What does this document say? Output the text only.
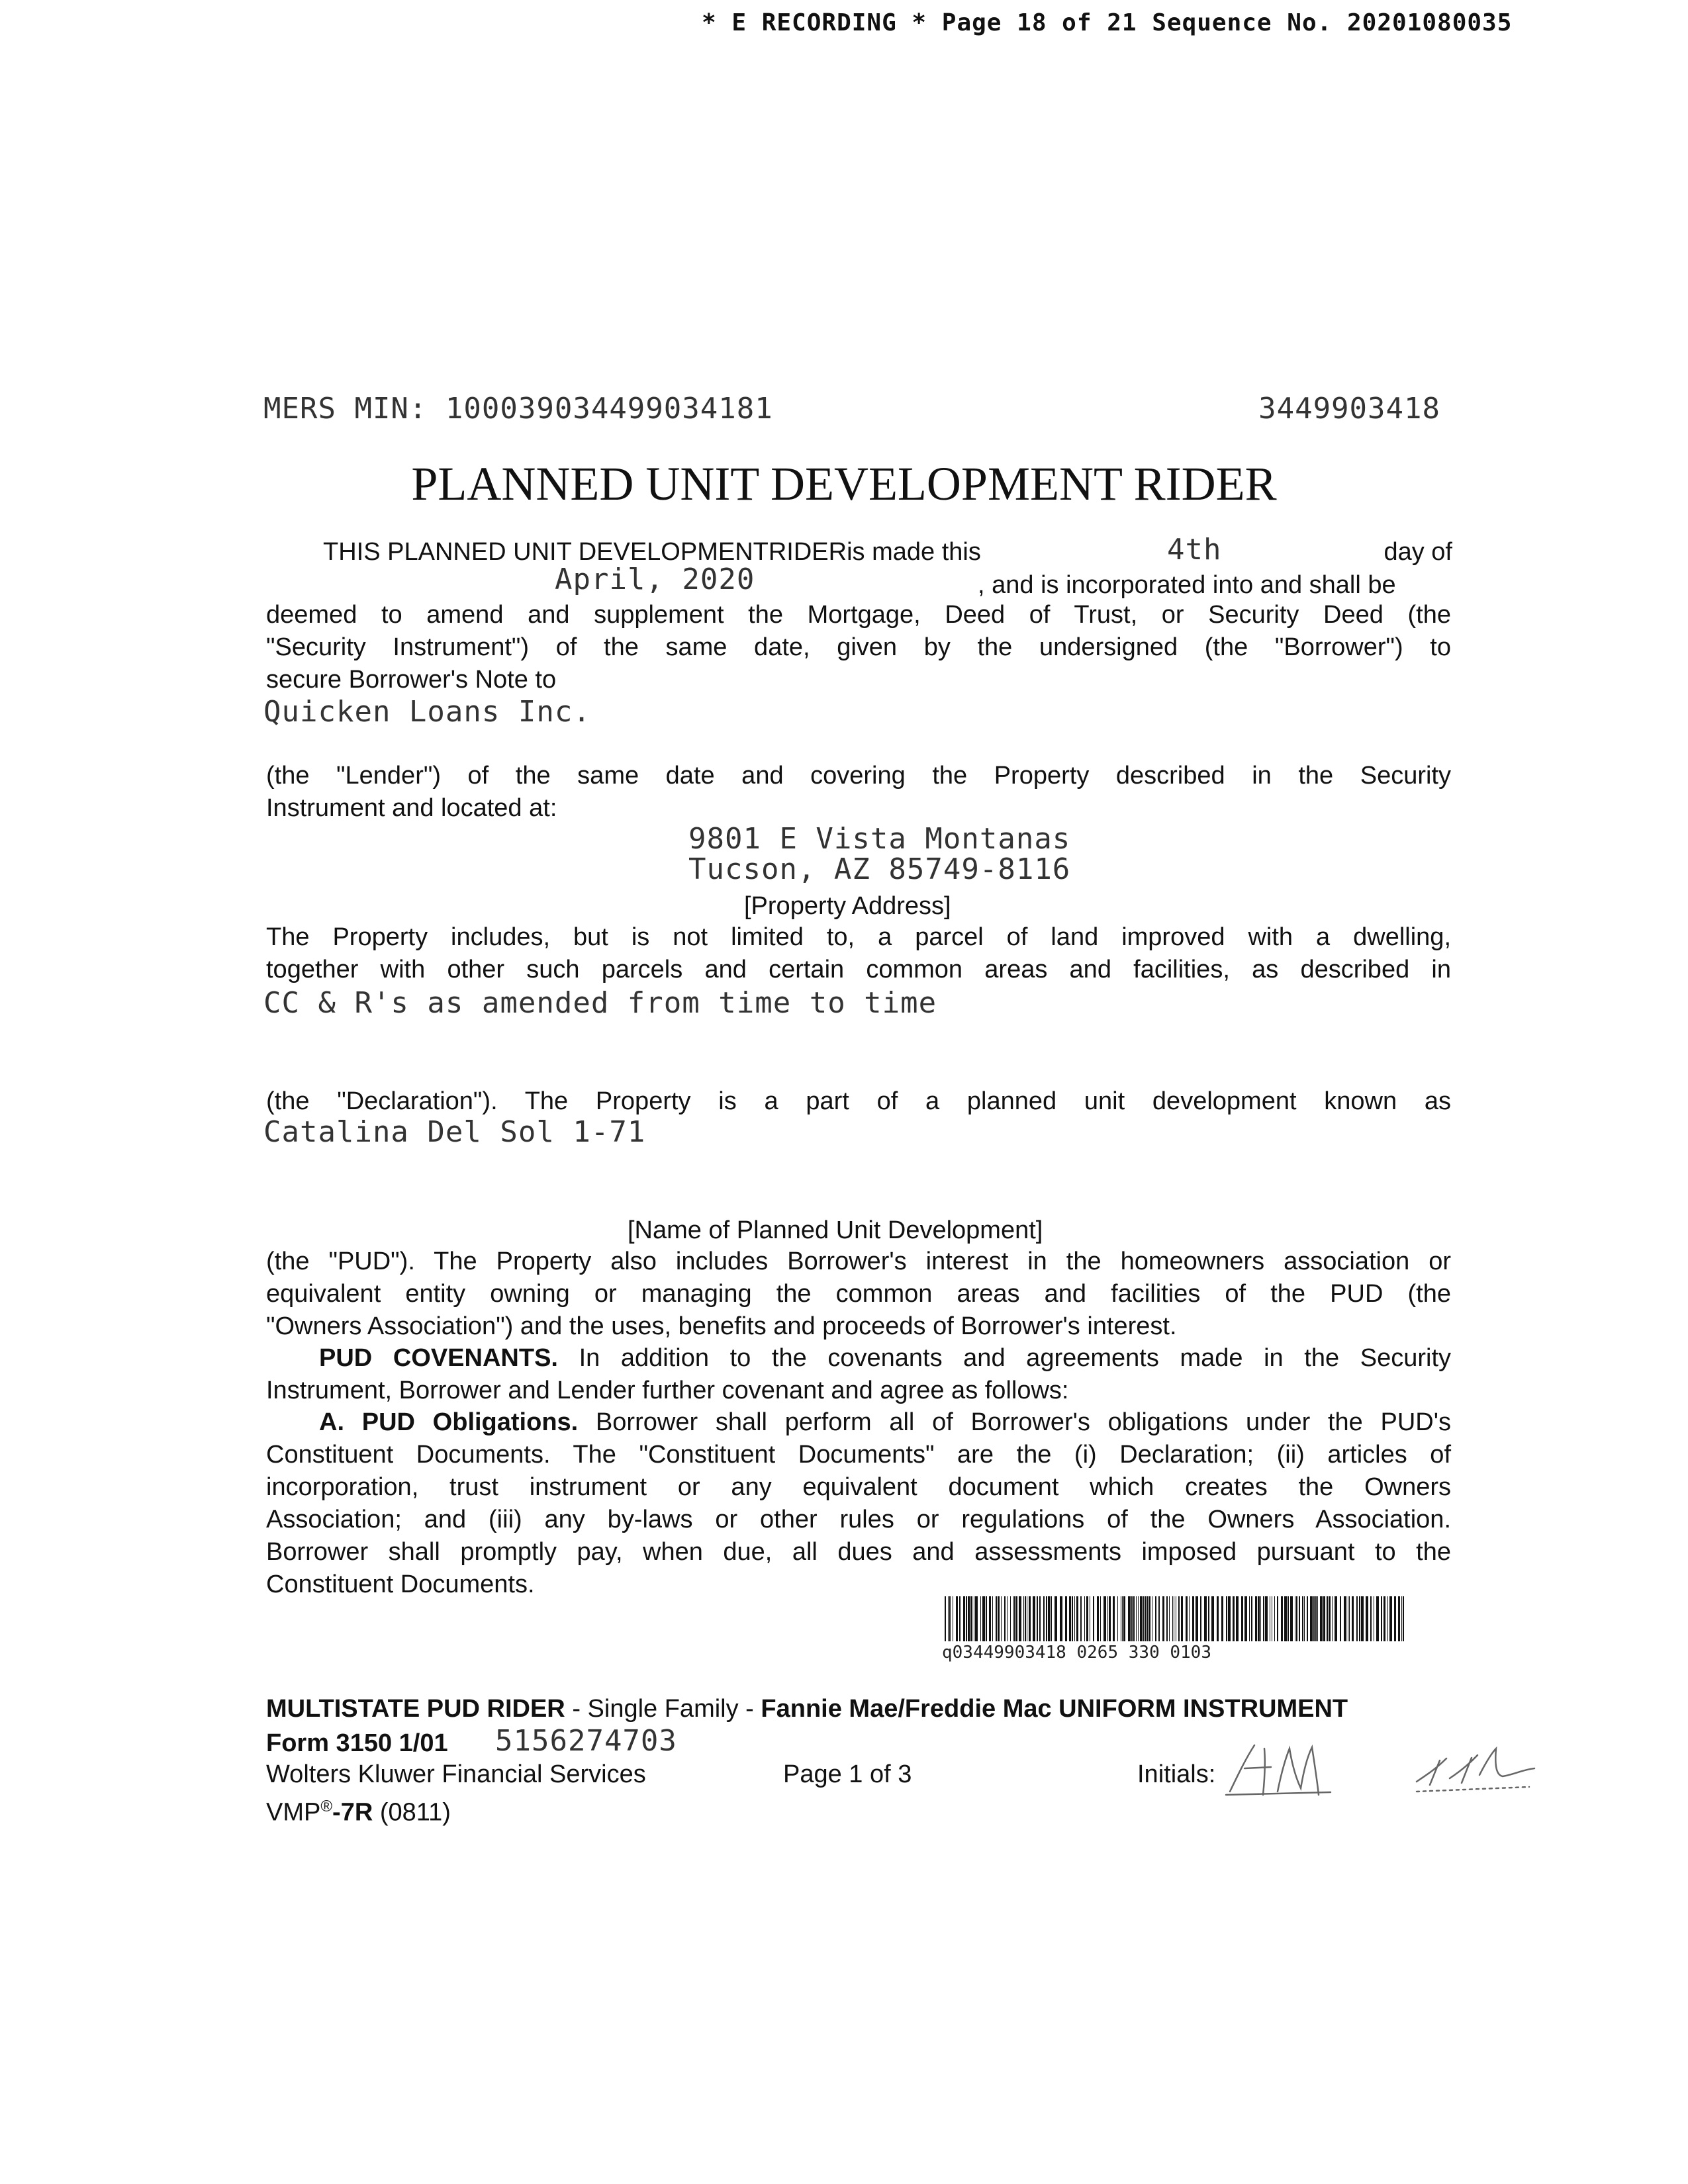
* E RECORDING * Page 18 of 21 Sequence No. 20201080035
MERS MIN: 100039034499034181	3449903418
PLANNED UNIT DEVELOPMENT RIDER
THIS PLANNED UNIT DEVELOPMENTRIDERis made this	4th	day of
April, 2020	, and is incorporated into and shall be
deemed to amend and supplement the Mortgage, Deed of Trust, or Security Deed (the
"Security Instrument") of the same date, given by the undersigned (the "Borrower") to
secure Borrower's Note to
Quicken Loans Inc.
(the "Lender") of the same date and covering the Property described in the Security
Instrument and located at:
9801 E Vista Montanas
Tucson, AZ 85749-8116
[Property Address]
The Property includes, but is not limited to, a parcel of land improved with a dwelling,
together with other such parcels and certain common areas and facilities, as described in
CC & R's as amended from time to time
(the "Declaration"). The Property is a part of a planned unit development known as
Catalina Del Sol 1-71
[Name of Planned Unit Development]
(the "PUD"). The Property also includes Borrower's interest in the homeowners association or
equivalent entity owning or managing the common areas and facilities of the PUD (the
"Owners Association") and the uses, benefits and proceeds of Borrower's interest.
PUD COVENANTS. In addition to the covenants and agreements made in the Security
Instrument, Borrower and Lender further covenant and agree as follows:
A. PUD Obligations. Borrower shall perform all of Borrower's obligations under the PUD's
Constituent Documents. The "Constituent Documents" are the (i) Declaration; (ii) articles of
incorporation, trust instrument or any equivalent document which creates the Owners
Association; and (iii) any by-laws or other rules or regulations of the Owners Association.
Borrower shall promptly pay, when due, all dues and assessments imposed pursuant to the
Constituent Documents.
q03449903418 0265 330 0103
MULTISTATE PUD RIDER - Single Family - Fannie Mae/Freddie Mac UNIFORM INSTRUMENT
Form 3150 1/01 5156274703
Wolters Kluwer Financial Services	Page 1 of 3	Initials:
VMP®-7R (0811)
